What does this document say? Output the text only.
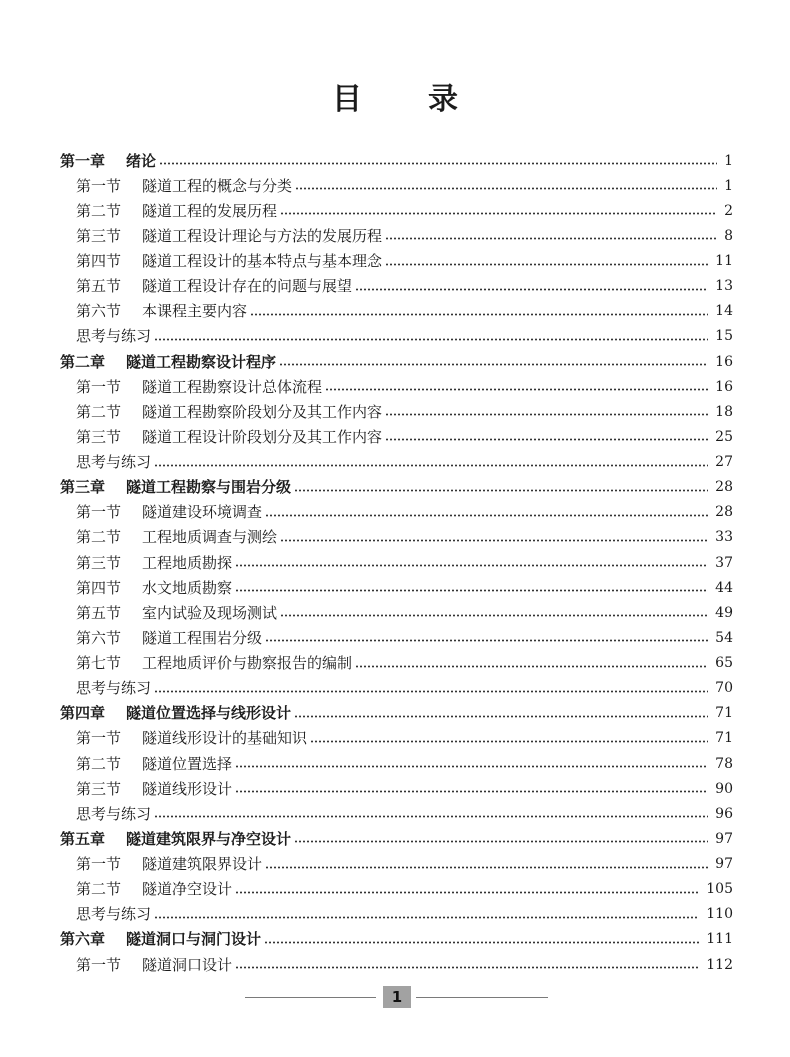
目录
第一章	绪论	1
第一节	隧道工程的概念与分类	1
第二节	隧道工程的发展历程	2
第三节	隧道工程设计理论与方法的发展历程	8
第四节	隧道工程设计的基本特点与基本理念	11
第五节	隧道工程设计存在的问题与展望	13
第六节	本课程主要内容	14
思考与练习	15
第二章	隧道工程勘察设计程序	16
第一节	隧道工程勘察设计总体流程	16
第二节	隧道工程勘察阶段划分及其工作内容	18
第三节	隧道工程设计阶段划分及其工作内容	25
思考与练习	27
第三章	隧道工程勘察与围岩分级	28
第一节	隧道建设环境调查	28
第二节	工程地质调查与测绘	33
第三节	工程地质勘探	37
第四节	水文地质勘察	44
第五节	室内试验及现场测试	49
第六节	隧道工程围岩分级	54
第七节	工程地质评价与勘察报告的编制	65
思考与练习	70
第四章	隧道位置选择与线形设计	71
第一节	隧道线形设计的基础知识	71
第二节	隧道位置选择	78
第三节	隧道线形设计	90
思考与练习	96
第五章	隧道建筑限界与净空设计	97
第一节	隧道建筑限界设计	97
第二节	隧道净空设计	105
思考与练习	110
第六章	隧道洞口与洞门设计	111
第一节	隧道洞口设计	112
1
